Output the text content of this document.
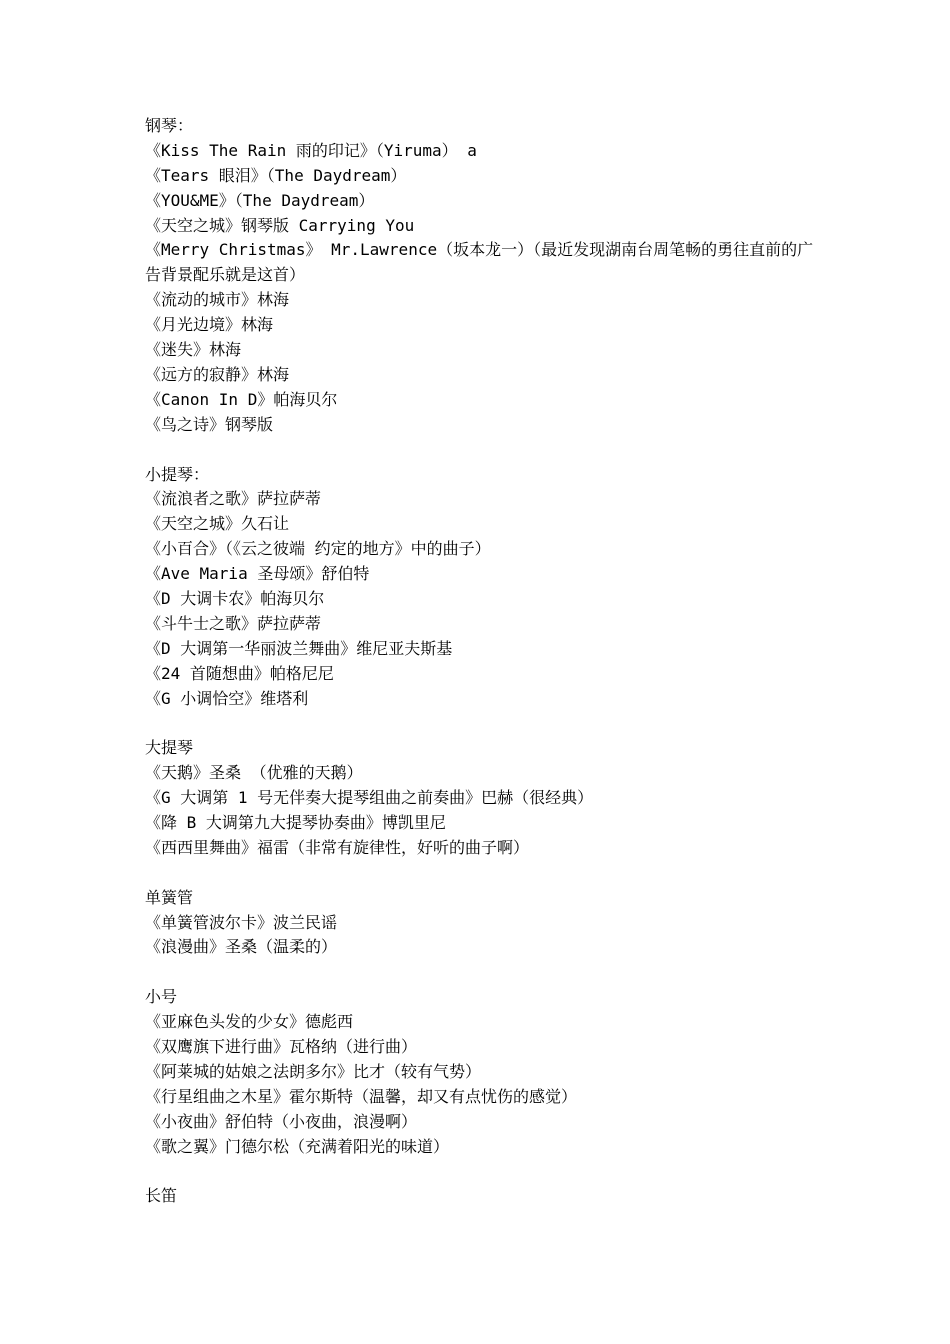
钢琴：
《Kiss The Rain 雨的印记》（Yiruma） a
《Tears 眼泪》（The Daydream）
《YOU&ME》（The Daydream）
《天空之城》钢琴版 Carrying You
《Merry Christmas》 Mr.Lawrence（坂本龙一）（最近发现湖南台周笔畅的勇往直前的广告背景配乐就是这首）
《流动的城市》林海
《月光边境》林海
《迷失》林海
《远方的寂静》林海
《Canon In D》帕海贝尔
《鸟之诗》钢琴版
小提琴：
《流浪者之歌》萨拉萨蒂
《天空之城》久石让
《小百合》（《云之彼端 约定的地方》中的曲子）
《Ave Maria 圣母颂》舒伯特
《D 大调卡农》帕海贝尔
《斗牛士之歌》萨拉萨蒂
《D 大调第一华丽波兰舞曲》维尼亚夫斯基
《24 首随想曲》帕格尼尼
《G 小调恰空》维塔利
大提琴
《天鹅》圣桑 （优雅的天鹅）
《G 大调第 1 号无伴奏大提琴组曲之前奏曲》巴赫（很经典）
《降 B 大调第九大提琴协奏曲》博凯里尼
《西西里舞曲》福雷（非常有旋律性，好听的曲子啊）
单簧管
《单簧管波尔卡》波兰民谣
《浪漫曲》圣桑（温柔的）
小号
《亚麻色头发的少女》德彪西
《双鹰旗下进行曲》瓦格纳（进行曲）
《阿莱城的姑娘之法朗多尔》比才（较有气势）
《行星组曲之木星》霍尔斯特（温馨，却又有点忧伤的感觉）
《小夜曲》舒伯特（小夜曲，浪漫啊）
《歌之翼》门德尔松（充满着阳光的味道）
长笛
